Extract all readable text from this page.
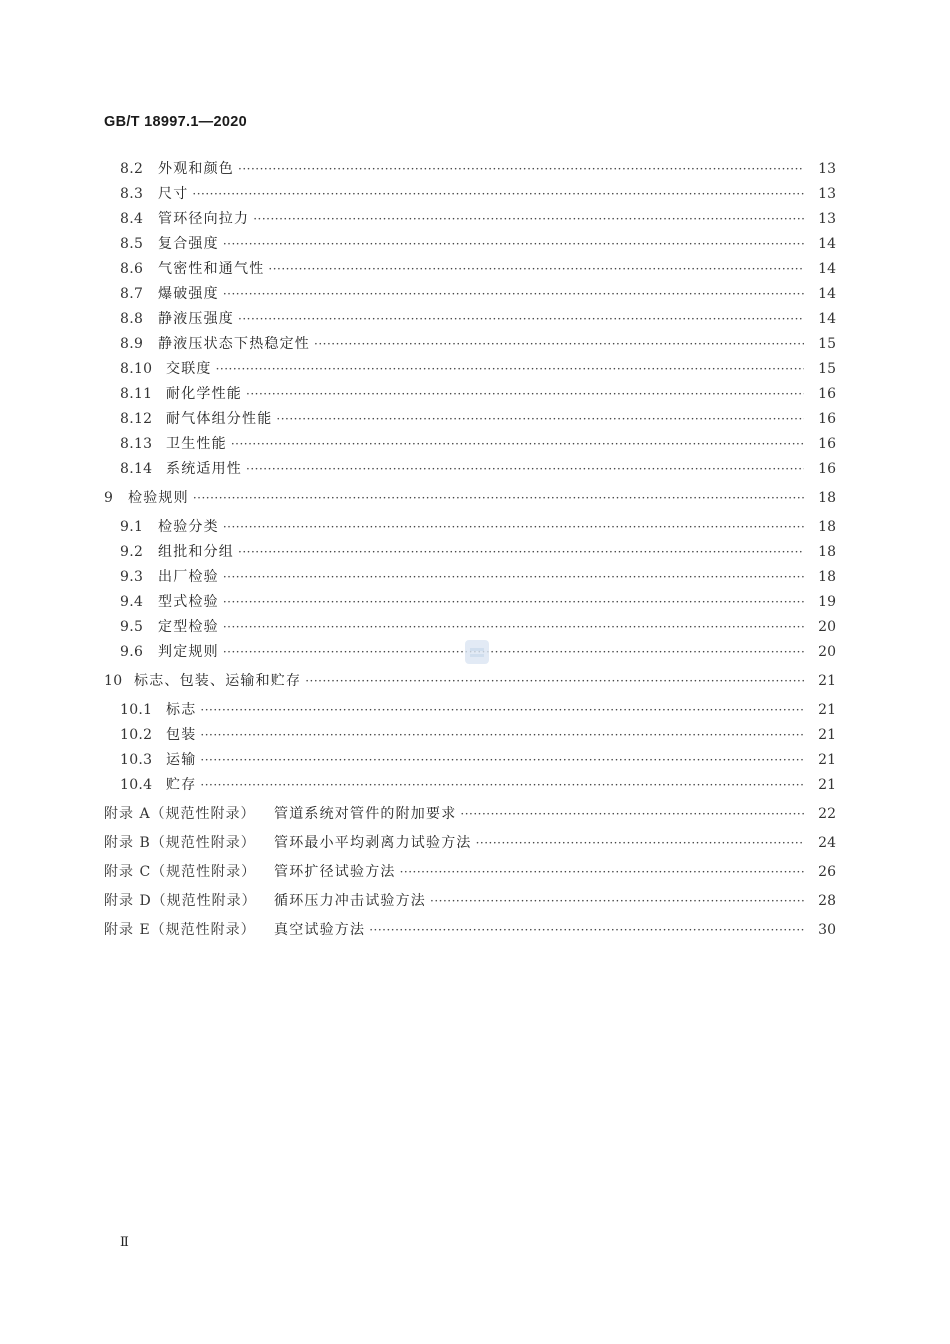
GB/T 18997.1—2020
8.2	外观和颜色 ·····	13
8.3	尺寸 ·····	13
8.4	管环径向拉力 ·····	13
8.5	复合强度 ·····	14
8.6	气密性和通气性 ·····	14
8.7	爆破强度 ·····	14
8.8	静液压强度 ·····	14
8.9	静液压状态下热稳定性 ·····	15
8.10 交联度 ·····	15
8.11 耐化学性能 ·····	16
8.12 耐气体组分性能 ·····	16
8.13 卫生性能 ·····	16
8.14 系统适用性 ·····	16
9	检验规则 ·····	18
9.1	检验分类 ·····	18
9.2	组批和分组 ·····	18
9.3	出厂检验 ·····	18
9.4	型式检验 ·····	19
9.5	定型检验 ·····	20
9.6	判定规则 ·····	20
10 标志、包装、运输和贮存 ·····	21
10.1 标志 ·····	21
10.2 包装 ·····	21
10.3 运输 ·····	21
10.4 贮存 ·····	21
附录 A（规范性附录）	管道系统对管件的附加要求 ·····	22
附录 B（规范性附录）	管环最小平均剥离力试验方法 ·····	24
附录 C（规范性附录）	管环扩径试验方法 ·····	26
附录 D（规范性附录）	循环压力冲击试验方法 ·····	28
附录 E（规范性附录）	真空试验方法 ·····	30
Ⅱ
